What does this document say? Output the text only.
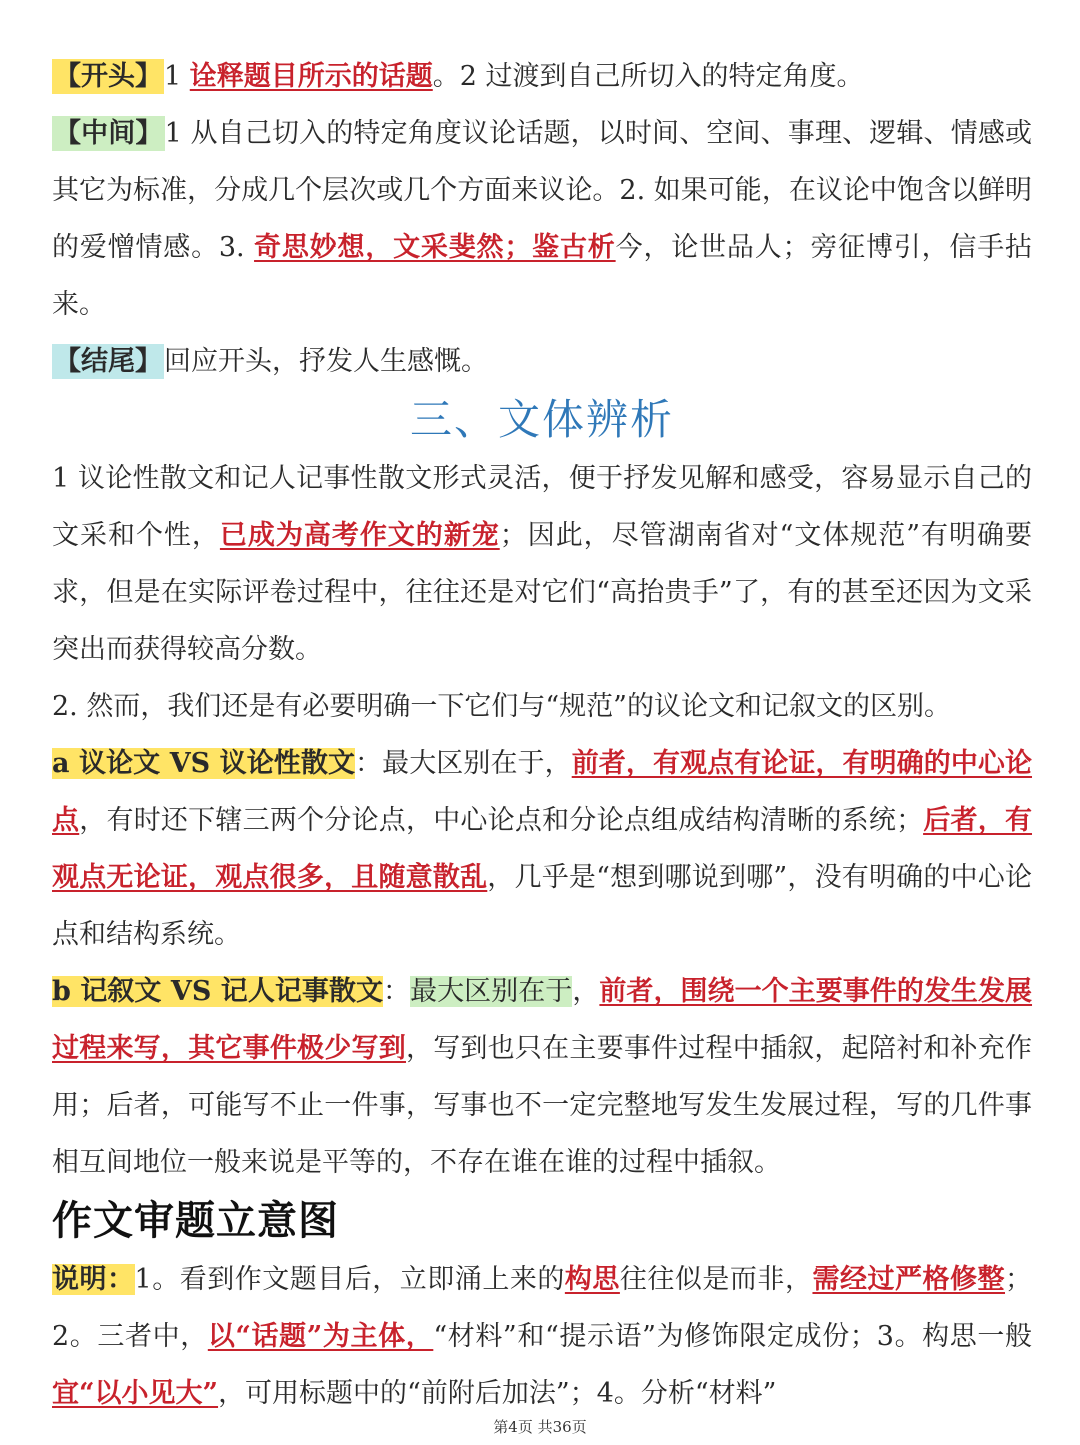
【开头】1 诠释题目所示的话题。2 过渡到自己所切入的特定角度。

【中间】1 从自己切入的特定角度议论话题，以时间、空间、事理、逻辑、情感或其它为标准，分成几个层次或几个方面来议论。2. 如果可能，在议论中饱含以鲜明的爱憎情感。3. 奇思妙想，文采斐然；鉴古析今，论世品人；旁征博引，信手拈来。

【结尾】回应开头，抒发人生感慨。

三、文体辨析

1 议论性散文和记人记事性散文形式灵活，便于抒发见解和感受，容易显示自己的文采和个性，已成为高考作文的新宠；因此，尽管湖南省对“文体规范”有明确要求，但是在实际评卷过程中，往往还是对它们“高抬贵手”了，有的甚至还因为文采突出而获得较高分数。

2. 然而，我们还是有必要明确一下它们与“规范”的议论文和记叙文的区别。

a 议论文 VS 议论性散文：最大区别在于，前者，有观点有论证，有明确的中心论点，有时还下辖三两个分论点，中心论点和分论点组成结构清晰的系统；后者，有观点无论证，观点很多，且随意散乱，几乎是“想到哪说到哪”，没有明确的中心论点和结构系统。

b 记叙文 VS 记人记事散文：最大区别在于，前者，围绕一个主要事件的发生发展过程来写，其它事件极少写到，写到也只在主要事件过程中插叙，起陪衬和补充作用；后者，可能写不止一件事，写事也不一定完整地写发生发展过程，写的几件事相互间地位一般来说是平等的，不存在谁在谁的过程中插叙。

作文审题立意图

说明：1。看到作文题目后，立即涌上来的构思往往似是而非，需经过严格修整；2。三者中，以“话题”为主体，“材料”和“提示语”为修饰限定成份；3。构思一般宜“以小见大”，可用标题中的“前附后加法”；4。分析“材料”

第4页 共36页
